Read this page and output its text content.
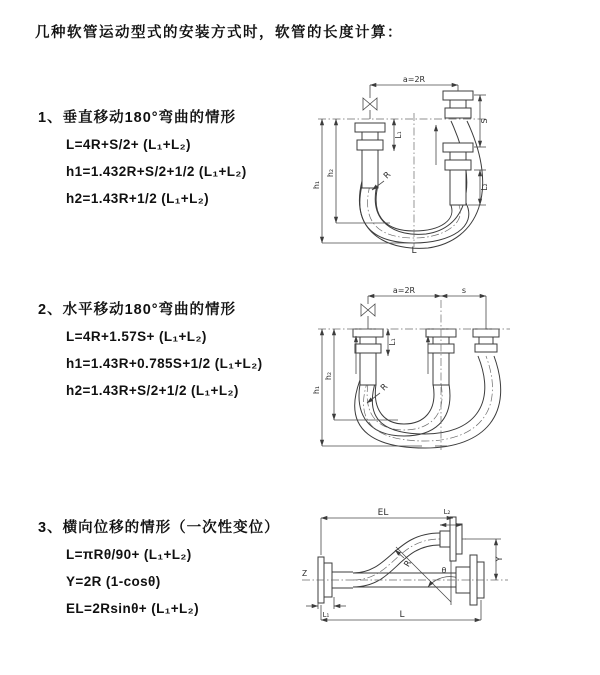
几种软管运动型式的安装方式时，软管的长度计算：
1、垂直移动180°弯曲的情形
L=4R+S/2+ (L₁+L₂)
h1=1.432R+S/2+1/2 (L₁+L₂)
h2=1.43R+1/2 (L₁+L₂)
a=2R
h₁
h₂
L₁
S
L₂
R
L
2、水平移动180°弯曲的情形
L=4R+1.57S+ (L₁+L₂)
h1=1.43R+0.785S+1/2 (L₁+L₂)
h2=1.43R+S/2+1/2 (L₁+L₂)
a=2R	s
h₁
h₂
L₁
R
3、横向位移的情形（一次性变位）
L=πRθ/90+ (L₁+L₂)
Y=2R (1-cosθ)
EL=2Rsinθ+ (L₁+L₂)
θ
Z
EL	L₂
Y
R
L
L₁
